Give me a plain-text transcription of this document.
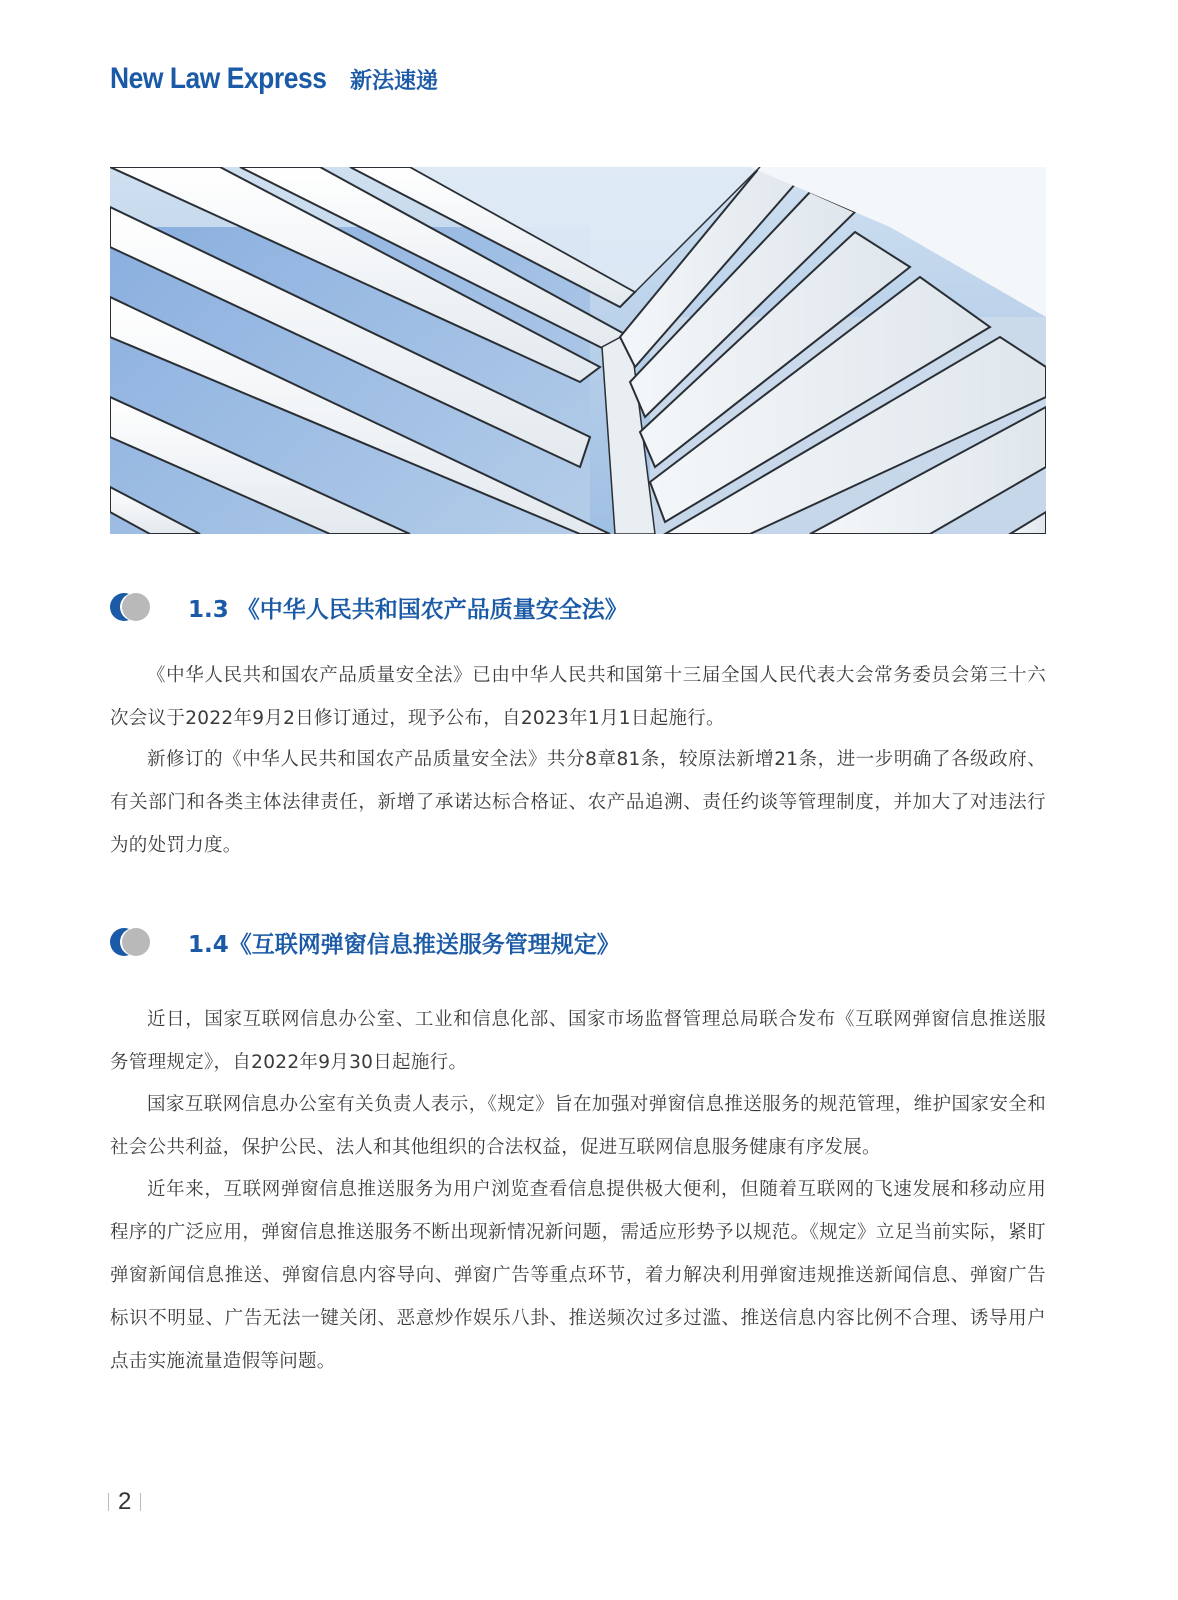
New Law Express 新法速递
1.3 《中华人民共和国农产品质量安全法》

《中华人民共和国农产品质量安全法》已由中华人民共和国第十三届全国人民代表大会常务委员会第三十六次会议于2022年9月2日修订通过，现予公布，自2023年1月1日起施行。

新修订的《中华人民共和国农产品质量安全法》共分8章81条，较原法新增21条，进一步明确了各级政府、有关部门和各类主体法律责任，新增了承诺达标合格证、农产品追溯、责任约谈等管理制度，并加大了对违法行为的处罚力度。

1.4《互联网弹窗信息推送服务管理规定》

近日，国家互联网信息办公室、工业和信息化部、国家市场监督管理总局联合发布《互联网弹窗信息推送服务管理规定》，自2022年9月30日起施行。

国家互联网信息办公室有关负责人表示，《规定》旨在加强对弹窗信息推送服务的规范管理，维护国家安全和社会公共利益，保护公民、法人和其他组织的合法权益，促进互联网信息服务健康有序发展。

近年来，互联网弹窗信息推送服务为用户浏览查看信息提供极大便利，但随着互联网的飞速发展和移动应用程序的广泛应用，弹窗信息推送服务不断出现新情况新问题，需适应形势予以规范。《规定》立足当前实际，紧盯弹窗新闻信息推送、弹窗信息内容导向、弹窗广告等重点环节，着力解决利用弹窗违规推送新闻信息、弹窗广告标识不明显、广告无法一键关闭、恶意炒作娱乐八卦、推送频次过多过滥、推送信息内容比例不合理、诱导用户点击实施流量造假等问题。

2
